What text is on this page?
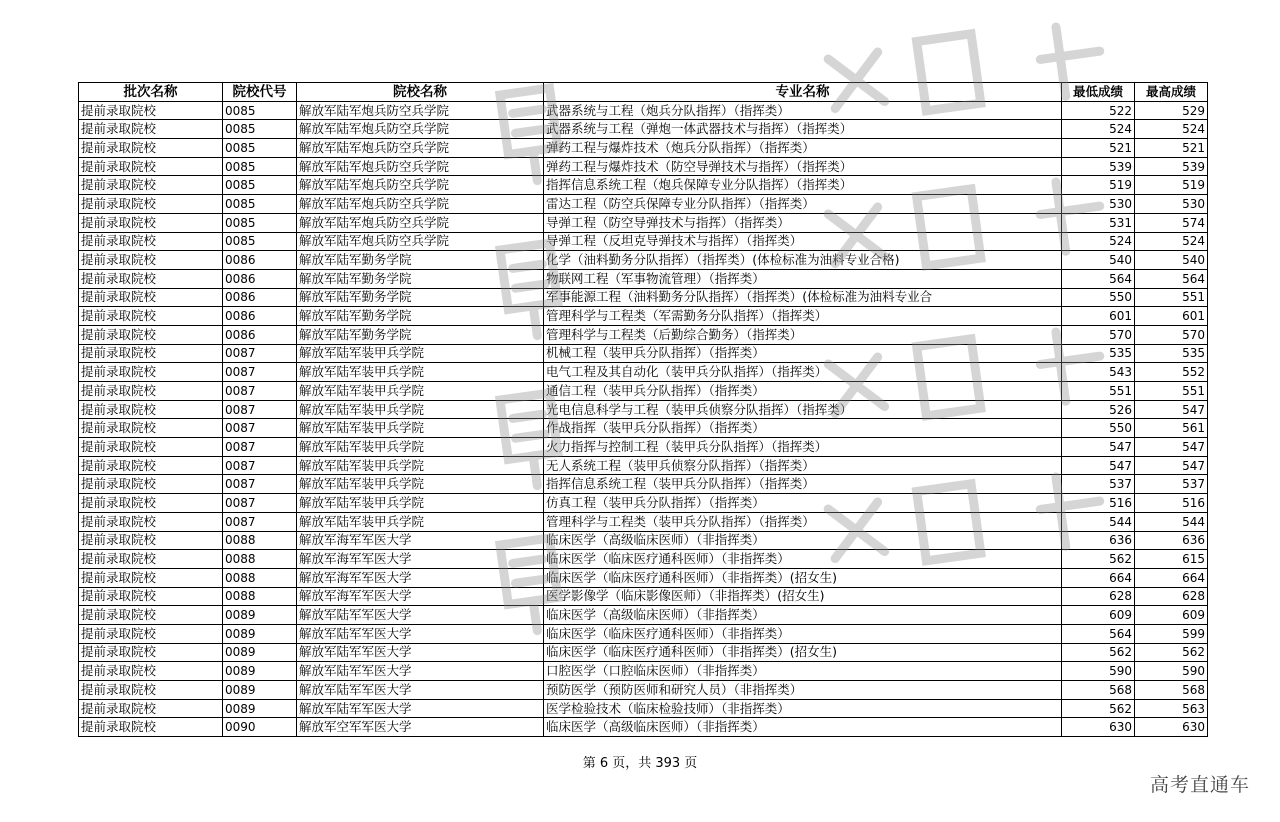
批次名称	院校代号	院校名称	专业名称	最低成绩	最高成绩
提前录取院校	0085	解放军陆军炮兵防空兵学院	武器系统与工程（炮兵分队指挥）（指挥类）	522	529
提前录取院校	0085	解放军陆军炮兵防空兵学院	武器系统与工程（弹炮一体武器技术与指挥）（指挥类）	524	524
提前录取院校	0085	解放军陆军炮兵防空兵学院	弹药工程与爆炸技术（炮兵分队指挥）（指挥类）	521	521
提前录取院校	0085	解放军陆军炮兵防空兵学院	弹药工程与爆炸技术（防空导弹技术与指挥）（指挥类）	539	539
提前录取院校	0085	解放军陆军炮兵防空兵学院	指挥信息系统工程（炮兵保障专业分队指挥）（指挥类）	519	519
提前录取院校	0085	解放军陆军炮兵防空兵学院	雷达工程（防空兵保障专业分队指挥）（指挥类）	530	530
提前录取院校	0085	解放军陆军炮兵防空兵学院	导弹工程（防空导弹技术与指挥）（指挥类）	531	574
提前录取院校	0085	解放军陆军炮兵防空兵学院	导弹工程（反坦克导弹技术与指挥）（指挥类）	524	524
提前录取院校	0086	解放军陆军勤务学院	化学（油料勤务分队指挥）（指挥类）(体检标准为油料专业合格)	540	540
提前录取院校	0086	解放军陆军勤务学院	物联网工程（军事物流管理）（指挥类）	564	564
提前录取院校	0086	解放军陆军勤务学院	军事能源工程（油料勤务分队指挥）（指挥类）(体检标准为油料专业合	550	551
提前录取院校	0086	解放军陆军勤务学院	管理科学与工程类（军需勤务分队指挥）（指挥类）	601	601
提前录取院校	0086	解放军陆军勤务学院	管理科学与工程类（后勤综合勤务）（指挥类）	570	570
提前录取院校	0087	解放军陆军装甲兵学院	机械工程（装甲兵分队指挥）（指挥类）	535	535
提前录取院校	0087	解放军陆军装甲兵学院	电气工程及其自动化（装甲兵分队指挥）（指挥类）	543	552
提前录取院校	0087	解放军陆军装甲兵学院	通信工程（装甲兵分队指挥）（指挥类）	551	551
提前录取院校	0087	解放军陆军装甲兵学院	光电信息科学与工程（装甲兵侦察分队指挥）（指挥类）	526	547
提前录取院校	0087	解放军陆军装甲兵学院	作战指挥（装甲兵分队指挥）（指挥类）	550	561
提前录取院校	0087	解放军陆军装甲兵学院	火力指挥与控制工程（装甲兵分队指挥）（指挥类）	547	547
提前录取院校	0087	解放军陆军装甲兵学院	无人系统工程（装甲兵侦察分队指挥）（指挥类）	547	547
提前录取院校	0087	解放军陆军装甲兵学院	指挥信息系统工程（装甲兵分队指挥）（指挥类）	537	537
提前录取院校	0087	解放军陆军装甲兵学院	仿真工程（装甲兵分队指挥）（指挥类）	516	516
提前录取院校	0087	解放军陆军装甲兵学院	管理科学与工程类（装甲兵分队指挥）（指挥类）	544	544
提前录取院校	0088	解放军海军军医大学	临床医学（高级临床医师）（非指挥类）	636	636
提前录取院校	0088	解放军海军军医大学	临床医学（临床医疗通科医师）（非指挥类）	562	615
提前录取院校	0088	解放军海军军医大学	临床医学（临床医疗通科医师）（非指挥类）(招女生)	664	664
提前录取院校	0088	解放军海军军医大学	医学影像学（临床影像医师）（非指挥类）(招女生)	628	628
提前录取院校	0089	解放军陆军军医大学	临床医学（高级临床医师）（非指挥类）	609	609
提前录取院校	0089	解放军陆军军医大学	临床医学（临床医疗通科医师）（非指挥类）	564	599
提前录取院校	0089	解放军陆军军医大学	临床医学（临床医疗通科医师）（非指挥类）(招女生)	562	562
提前录取院校	0089	解放军陆军军医大学	口腔医学（口腔临床医师）（非指挥类）	590	590
提前录取院校	0089	解放军陆军军医大学	预防医学（预防医师和研究人员）（非指挥类）	568	568
提前录取院校	0089	解放军陆军军医大学	医学检验技术（临床检验技师）（非指挥类）	562	563
提前录取院校	0090	解放军空军军医大学	临床医学（高级临床医师）（非指挥类）	630	630
第 6 页，共 393 页
高考直通车
